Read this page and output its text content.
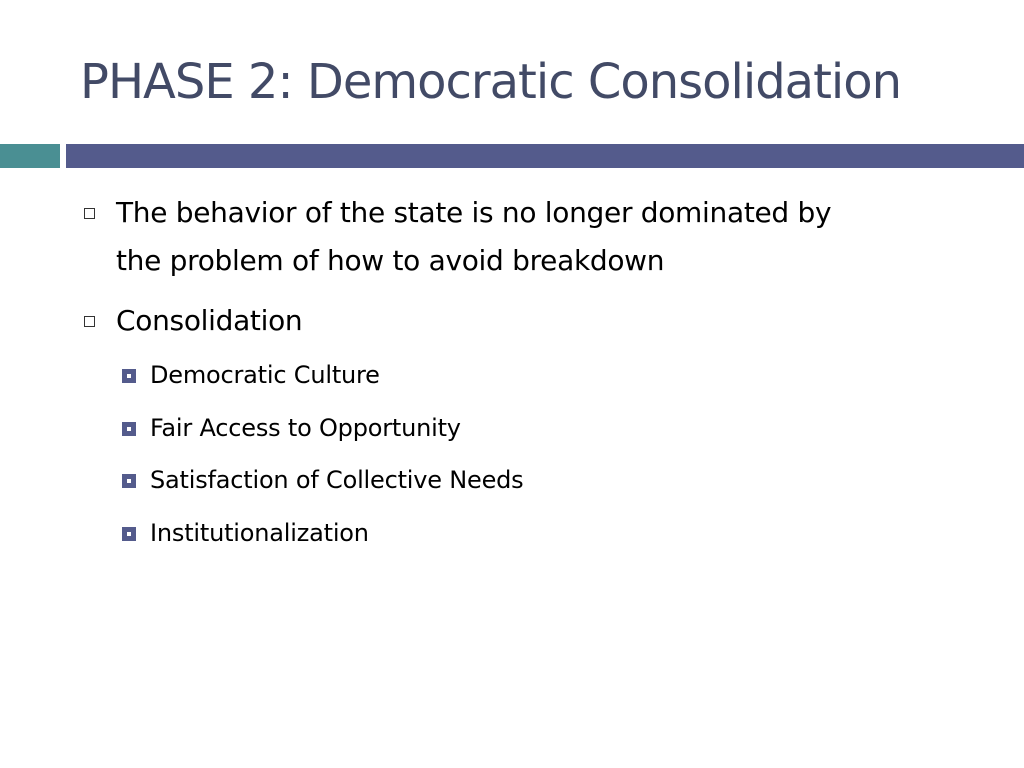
PHASE 2: Democratic Consolidation
The behavior of the state is no longer dominated by
the problem of how to avoid breakdown
Consolidation
Democratic Culture
Fair Access to Opportunity
Satisfaction of Collective Needs
Institutionalization
